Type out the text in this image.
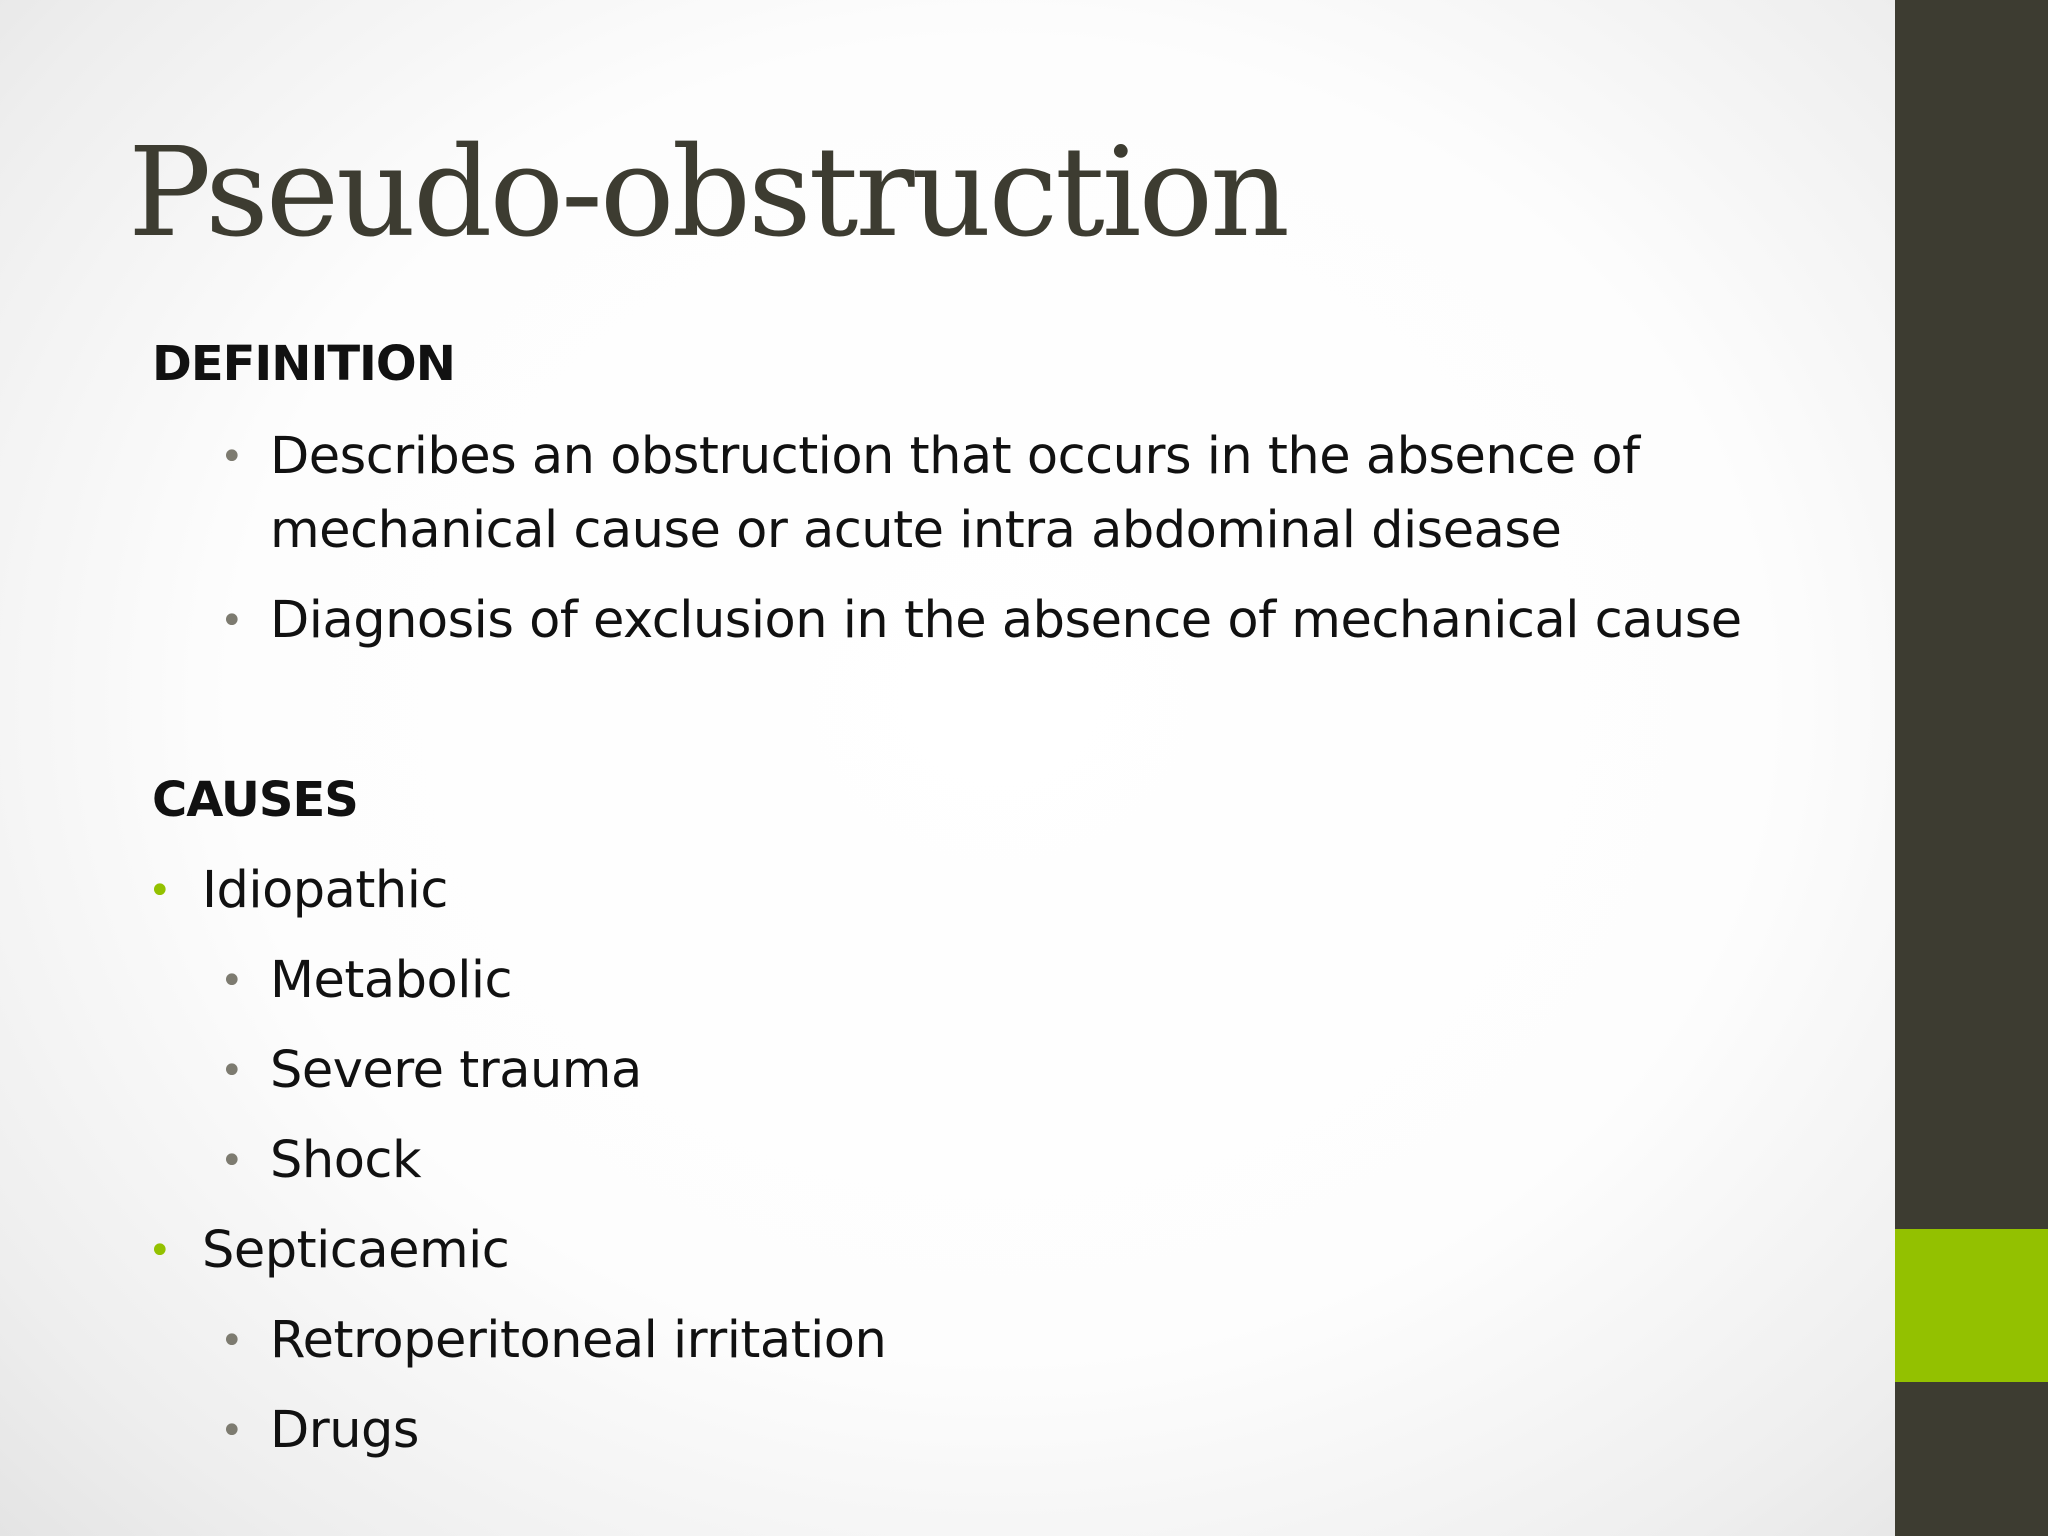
Pseudo-obstruction
DEFINITION
• Describes an obstruction that occurs in the absence of
mechanical cause or acute intra abdominal disease
• Diagnosis of exclusion in the absence of mechanical cause
CAUSES
• Idiopathic
• Metabolic
• Severe trauma
• Shock
• Septicaemic
• Retroperitoneal irritation
• Drugs
